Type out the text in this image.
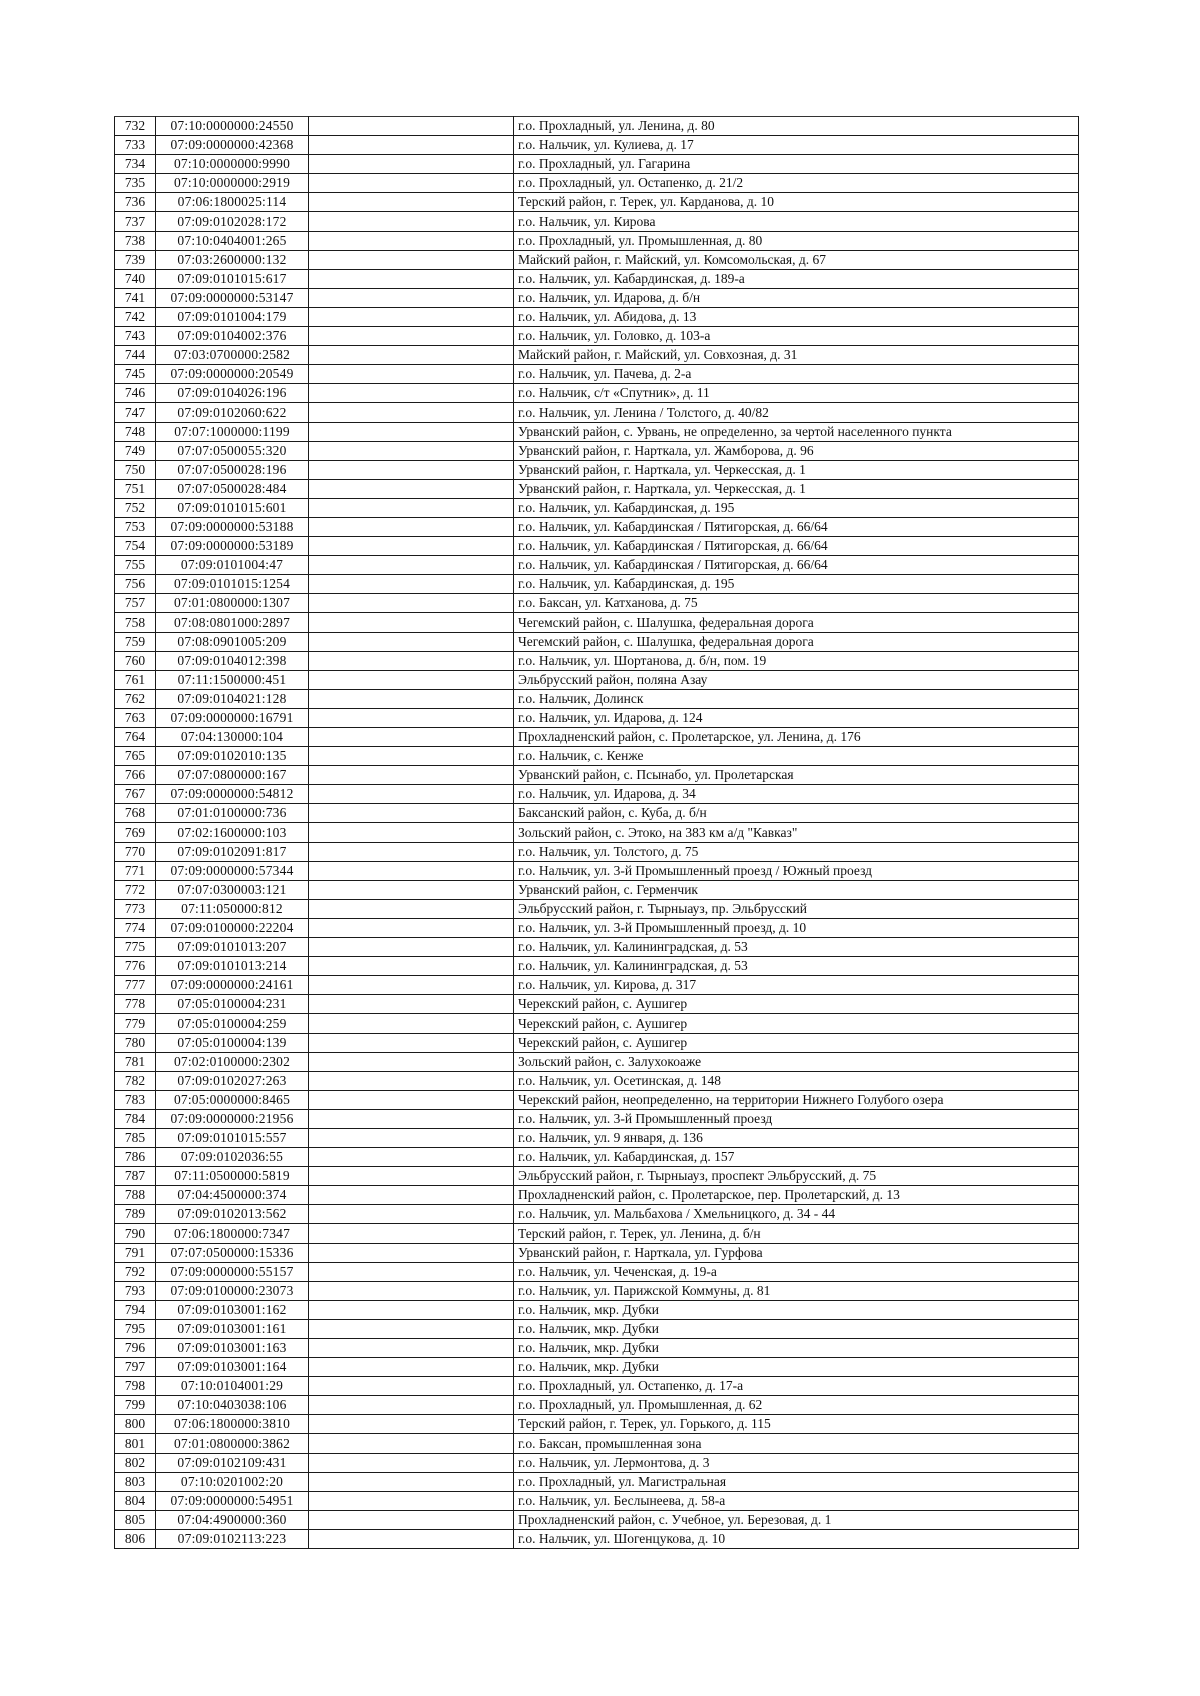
732	07:10:0000000:24550		г.о. Прохладный, ул. Ленина, д. 80
733	07:09:0000000:42368		г.о. Нальчик, ул. Кулиева, д. 17
734	07:10:0000000:9990		г.о. Прохладный, ул. Гагарина
735	07:10:0000000:2919		г.о. Прохладный, ул. Остапенко, д. 21/2
736	07:06:1800025:114		Терский район, г. Терек, ул. Карданова, д. 10
737	07:09:0102028:172		г.о. Нальчик, ул. Кирова
738	07:10:0404001:265		г.о. Прохладный, ул. Промышленная, д. 80
739	07:03:2600000:132		Майский район, г. Майский, ул. Комсомольская, д. 67
740	07:09:0101015:617		г.о. Нальчик, ул. Кабардинская, д. 189-а
741	07:09:0000000:53147		г.о. Нальчик, ул. Идарова, д. б/н
742	07:09:0101004:179		г.о. Нальчик, ул. Абидова, д. 13
743	07:09:0104002:376		г.о. Нальчик, ул. Головко, д. 103-а
744	07:03:0700000:2582		Майский район, г. Майский, ул. Совхозная, д. 31
745	07:09:0000000:20549		г.о. Нальчик, ул. Пачева, д. 2-а
746	07:09:0104026:196		г.о. Нальчик, с/т «Спутник», д. 11
747	07:09:0102060:622		г.о. Нальчик, ул. Ленина / Толстого, д. 40/82
748	07:07:1000000:1199		Урванский район, с. Урвань, не определенно, за чертой населенного пункта
749	07:07:0500055:320		Урванский район, г. Нарткала, ул. Жамборова, д. 96
750	07:07:0500028:196		Урванский район, г. Нарткала, ул. Черкесская, д. 1
751	07:07:0500028:484		Урванский район, г. Нарткала, ул. Черкесская, д. 1
752	07:09:0101015:601		г.о. Нальчик, ул. Кабардинская, д. 195
753	07:09:0000000:53188		г.о. Нальчик, ул. Кабардинская / Пятигорская, д. 66/64
754	07:09:0000000:53189		г.о. Нальчик, ул. Кабардинская / Пятигорская, д. 66/64
755	07:09:0101004:47		г.о. Нальчик, ул. Кабардинская / Пятигорская, д. 66/64
756	07:09:0101015:1254		г.о. Нальчик, ул. Кабардинская, д. 195
757	07:01:0800000:1307		г.о. Баксан, ул. Катханова, д. 75
758	07:08:0801000:2897		Чегемский район, с. Шалушка, федеральная дорога
759	07:08:0901005:209		Чегемский район, с. Шалушка, федеральная дорога
760	07:09:0104012:398		г.о. Нальчик, ул. Шортанова, д. б/н, пом. 19
761	07:11:1500000:451		Эльбрусский район, поляна Азау
762	07:09:0104021:128		г.о. Нальчик, Долинск
763	07:09:0000000:16791		г.о. Нальчик, ул. Идарова, д. 124
764	07:04:130000:104		Прохладненский район, с. Пролетарское, ул. Ленина, д. 176
765	07:09:0102010:135		г.о. Нальчик, с. Кенже
766	07:07:0800000:167		Урванский район, с. Псынабо, ул. Пролетарская
767	07:09:0000000:54812		г.о. Нальчик, ул. Идарова, д. 34
768	07:01:0100000:736		Баксанский район, с. Куба, д. б/н
769	07:02:1600000:103		Зольский район, с. Этоко, на 383 км а/д "Кавказ"
770	07:09:0102091:817		г.о. Нальчик, ул. Толстого, д. 75
771	07:09:0000000:57344		г.о. Нальчик, ул. 3-й Промышленный проезд / Южный проезд
772	07:07:0300003:121		Урванский район, с. Герменчик
773	07:11:050000:812		Эльбрусский район, г. Тырныауз, пр. Эльбрусский
774	07:09:0100000:22204		г.о. Нальчик, ул. 3-й Промышленный проезд, д. 10
775	07:09:0101013:207		г.о. Нальчик, ул. Калининградская, д. 53
776	07:09:0101013:214		г.о. Нальчик, ул. Калининградская, д. 53
777	07:09:0000000:24161		г.о. Нальчик, ул. Кирова, д. 317
778	07:05:0100004:231		Черекский район, с. Аушигер
779	07:05:0100004:259		Черекский район, с. Аушигер
780	07:05:0100004:139		Черекский район, с. Аушигер
781	07:02:0100000:2302		Зольский район, с. Залухокоаже
782	07:09:0102027:263		г.о. Нальчик, ул. Осетинская, д. 148
783	07:05:0000000:8465		Черекский район, неопределенно, на территории Нижнего Голубого озера
784	07:09:0000000:21956		г.о. Нальчик, ул. 3-й Промышленный проезд
785	07:09:0101015:557		г.о. Нальчик, ул. 9 января, д. 136
786	07:09:0102036:55		г.о. Нальчик, ул. Кабардинская, д. 157
787	07:11:0500000:5819		Эльбрусский район, г. Тырныауз, проспект Эльбрусский, д. 75
788	07:04:4500000:374		Прохладненский район, с. Пролетарское, пер. Пролетарский, д. 13
789	07:09:0102013:562		г.о. Нальчик, ул. Мальбахова / Хмельницкого, д. 34 - 44
790	07:06:1800000:7347		Терский район, г. Терек, ул. Ленина, д. б/н
791	07:07:0500000:15336		Урванский район, г. Нарткала, ул. Гурфова
792	07:09:0000000:55157		г.о. Нальчик, ул. Чеченская, д. 19-а
793	07:09:0100000:23073		г.о. Нальчик, ул. Парижской Коммуны, д. 81
794	07:09:0103001:162		г.о. Нальчик, мкр. Дубки
795	07:09:0103001:161		г.о. Нальчик, мкр. Дубки
796	07:09:0103001:163		г.о. Нальчик, мкр. Дубки
797	07:09:0103001:164		г.о. Нальчик, мкр. Дубки
798	07:10:0104001:29		г.о. Прохладный, ул. Остапенко, д. 17-а
799	07:10:0403038:106		г.о. Прохладный, ул. Промышленная, д. 62
800	07:06:1800000:3810		Терский район, г. Терек, ул. Горького, д. 115
801	07:01:0800000:3862		г.о. Баксан, промышленная зона
802	07:09:0102109:431		г.о. Нальчик, ул. Лермонтова, д. 3
803	07:10:0201002:20		г.о. Прохладный, ул. Магистральная
804	07:09:0000000:54951		г.о. Нальчик, ул. Беслынеева, д. 58-а
805	07:04:4900000:360		Прохладненский район, с. Учебное, ул. Березовая, д. 1
806	07:09:0102113:223		г.о. Нальчик, ул. Шогенцукова, д. 10
